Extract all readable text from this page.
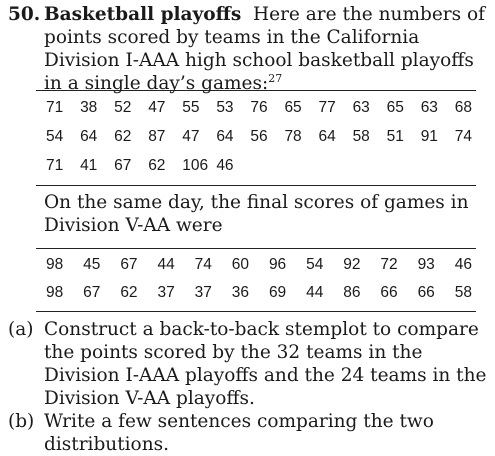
50. Basketball playoffs Here are the numbers of points scored by teams in the California Division I-AAA high school basketball playoffs in a single day’s games:$^{27}$

71 38 52 47 55 53 76 65 77 63 65 63 68
54 64 62 87 47 64 56 78 64 58 51 91 74
71 41 67 62 106 46
On the same day, the final scores of games in Division V-AA were
98 45 67 44 74 60 96 54 92 72 93 46
98 67 62 37 37 36 69 44 86 66 66 58
(a) Construct a back-to-back stemplot to compare the points scored by the 32 teams in the Division I-AAA playoffs and the 24 teams in the Division V-AA playoffs.
(b) Write a few sentences comparing the two distributions.
